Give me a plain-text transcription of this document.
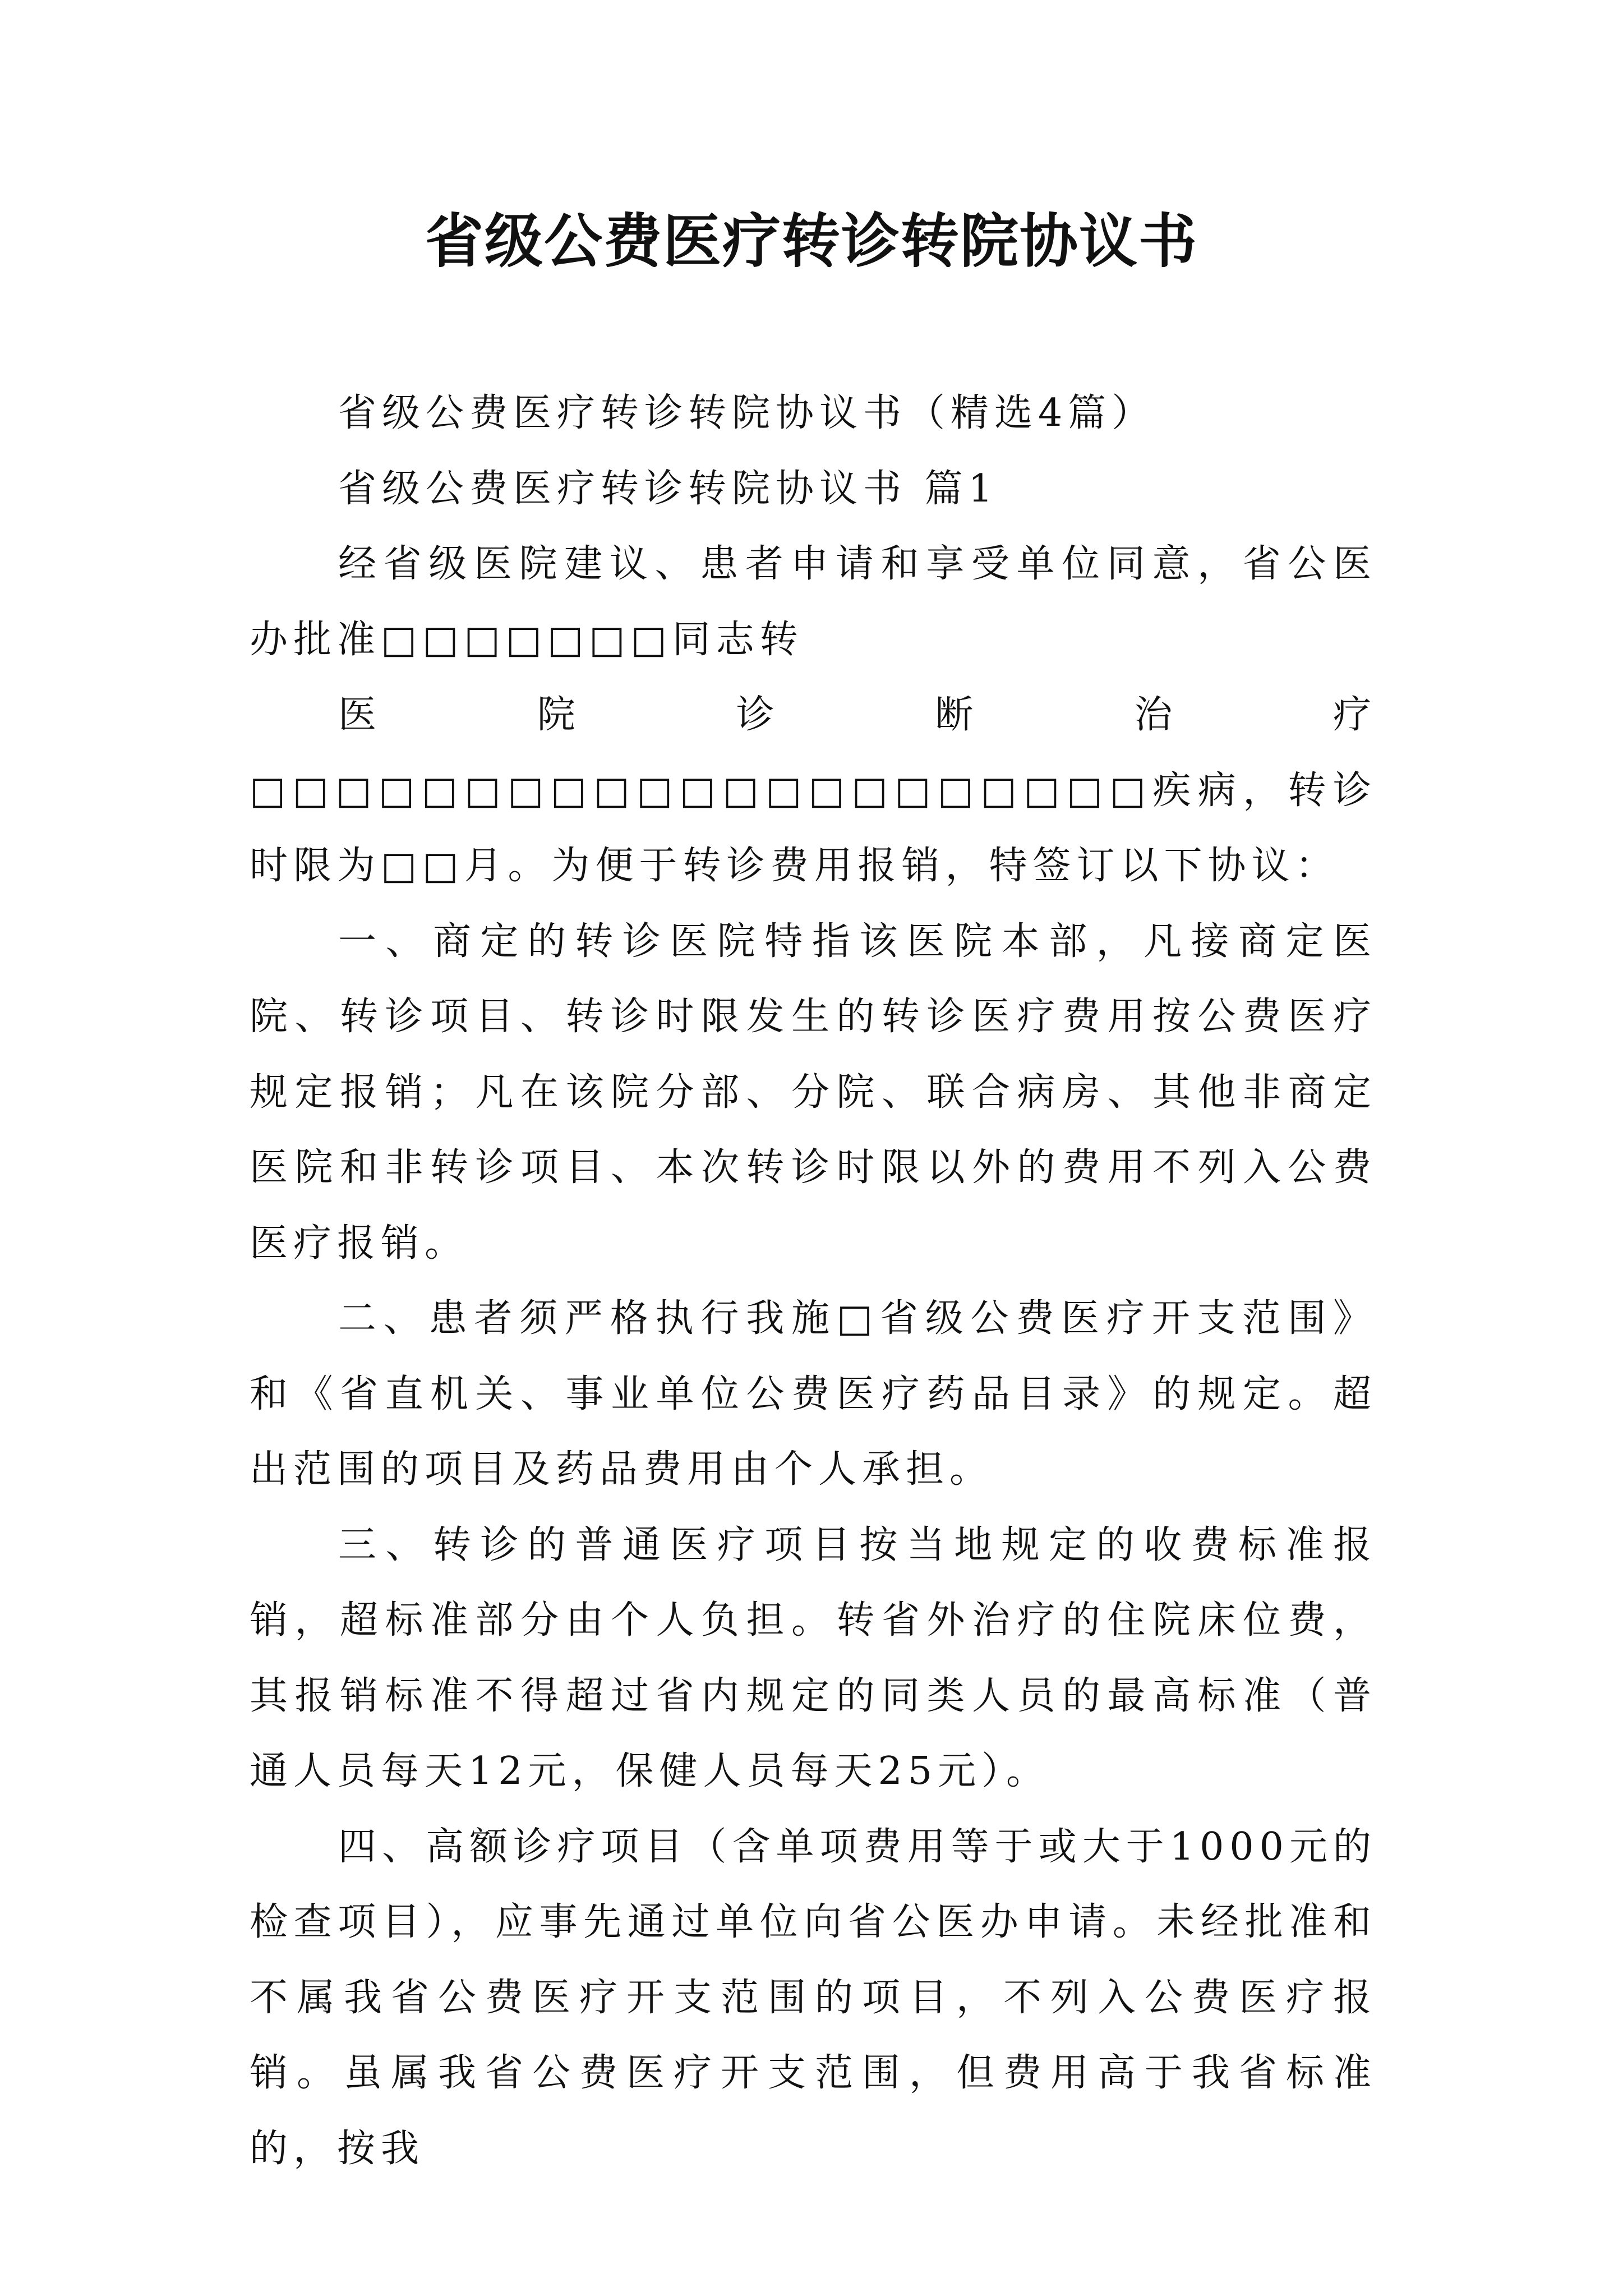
省级公费医疗转诊转院协议书

省级公费医疗转诊转院协议书（精选4篇）

省级公费医疗转诊转院协议书 篇1

经省级医院建议、患者申请和享受单位同意，省公医办批准□□□□□□□同志转

医院诊断治疗□□□□□□□□□□□□□□□□□□□□□疾病，转诊时限为□□月。为便于转诊费用报销，特签订以下协议：

一、商定的转诊医院特指该医院本部，凡接商定医院、转诊项目、转诊时限发生的转诊医疗费用按公费医疗规定报销；凡在该院分部、分院、联合病房、其他非商定医院和非转诊项目、本次转诊时限以外的费用不列入公费医疗报销。

二、患者须严格执行我施□省级公费医疗开支范围》和《省直机关、事业单位公费医疗药品目录》的规定。超出范围的项目及药品费用由个人承担。

三、转诊的普通医疗项目按当地规定的收费标准报销，超标准部分由个人负担。转省外治疗的住院床位费，其报销标准不得超过省内规定的同类人员的最高标准（普通人员每天12元，保健人员每天25元）。

四、高额诊疗项目（含单项费用等于或大于1000元的检查项目），应事先通过单位向省公医办申请。未经批准和不属我省公费医疗开支范围的项目，不列入公费医疗报销。虽属我省公费医疗开支范围，但费用高于我省标准的，按我
